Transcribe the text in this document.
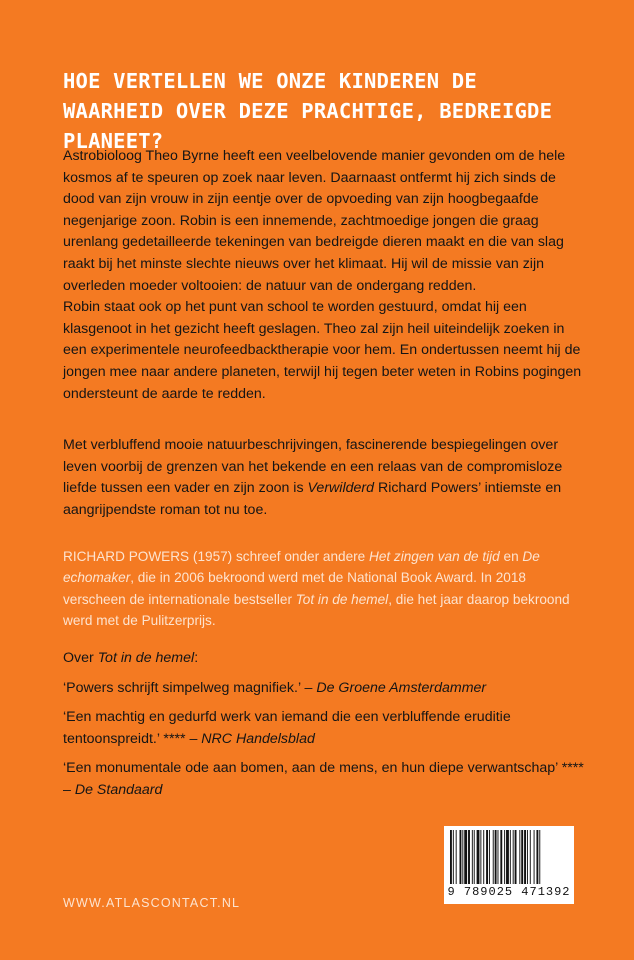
HOE VERTELLEN WE ONZE KINDEREN DE WAARHEID OVER DEZE PRACHTIGE, BEDREIGDE PLANEET?

Astrobioloog Theo Byrne heeft een veelbelovende manier gevonden om de hele kosmos af te speuren op zoek naar leven. Daarnaast ontfermt hij zich sinds de dood van zijn vrouw in zijn eentje over de opvoeding van zijn hoogbegaafde negenjarige zoon. Robin is een innemende, zachtmoedige jongen die graag urenlang gedetailleerde tekeningen van bedreigde dieren maakt en die van slag raakt bij het minste slechte nieuws over het klimaat. Hij wil de missie van zijn overleden moeder voltooien: de natuur van de ondergang redden.

Robin staat ook op het punt van school te worden gestuurd, omdat hij een klasgenoot in het gezicht heeft geslagen. Theo zal zijn heil uiteindelijk zoeken in een experimentele neurofeedbacktherapie voor hem. En ondertussen neemt hij de jongen mee naar andere planeten, terwijl hij tegen beter weten in Robins pogingen ondersteunt de aarde te redden.

Met verbluffend mooie natuurbeschrijvingen, fascinerende bespiegelingen over leven voorbij de grenzen van het bekende en een relaas van de compromisloze liefde tussen een vader en zijn zoon is Verwilderd Richard Powers’ intiemste en aangrijpendste roman tot nu toe.

RICHARD POWERS (1957) schreef onder andere Het zingen van de tijd en De echomaker, die in 2006 bekroond werd met de National Book Award. In 2018 verscheen de internationale bestseller Tot in de hemel, die het jaar daarop bekroond werd met de Pulitzerprijs.

Over Tot in de hemel:

‘Powers schrijft simpelweg magnifiek.’ – De Groene Amsterdammer

‘Een machtig en gedurfd werk van iemand die een verbluffende eruditie tentoonspreidt.’ **** – NRC Handelsblad

‘Een monumentale ode aan bomen, aan de mens, en hun diepe verwantschap’ **** – De Standaard

WWW.ATLASCONTACT.NL
9 789025 471392
